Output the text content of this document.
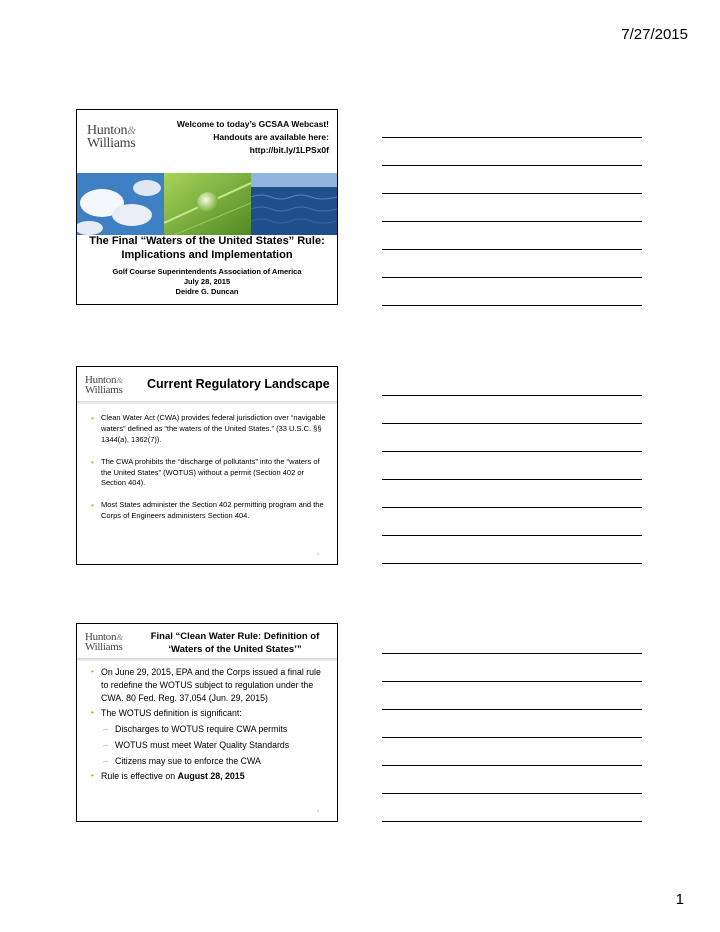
7/27/2015
Hunton&
Williams
Welcome to today’s GCSAA Webcast!
Handouts are available here:
http://bit.ly/1LPSx0f
The Final “Waters of the United States” Rule:
Implications and Implementation
Golf Course Superintendents Association of America
July 28, 2015
Deidre G. Duncan
Hunton&
Williams Current Regulatory Landscape
• Clean Water Act (CWA) provides federal jurisdiction over “navigable waters” defined as “the waters of the United States.” (33 U.S.C. §§ 1344(a), 1362(7)).
• The CWA prohibits the “discharge of pollutants” into the “waters of the United States” (WOTUS) without a permit (Section 402 or Section 404).
• Most States administer the Section 402 permitting program and the Corps of Engineers administers Section 404.
2
Hunton&
Williams
Final “Clean Water Rule: Definition of
‘Waters of the United States’”
• On June 29, 2015, EPA and the Corps issued a final rule to redefine the WOTUS subject to regulation under the CWA. 80 Fed. Reg. 37,054 (Jun. 29, 2015)
• The WOTUS definition is significant:
– Discharges to WOTUS require CWA permits
– WOTUS must meet Water Quality Standards
– Citizens may sue to enforce the CWA
• Rule is effective on August 28, 2015
3
1
